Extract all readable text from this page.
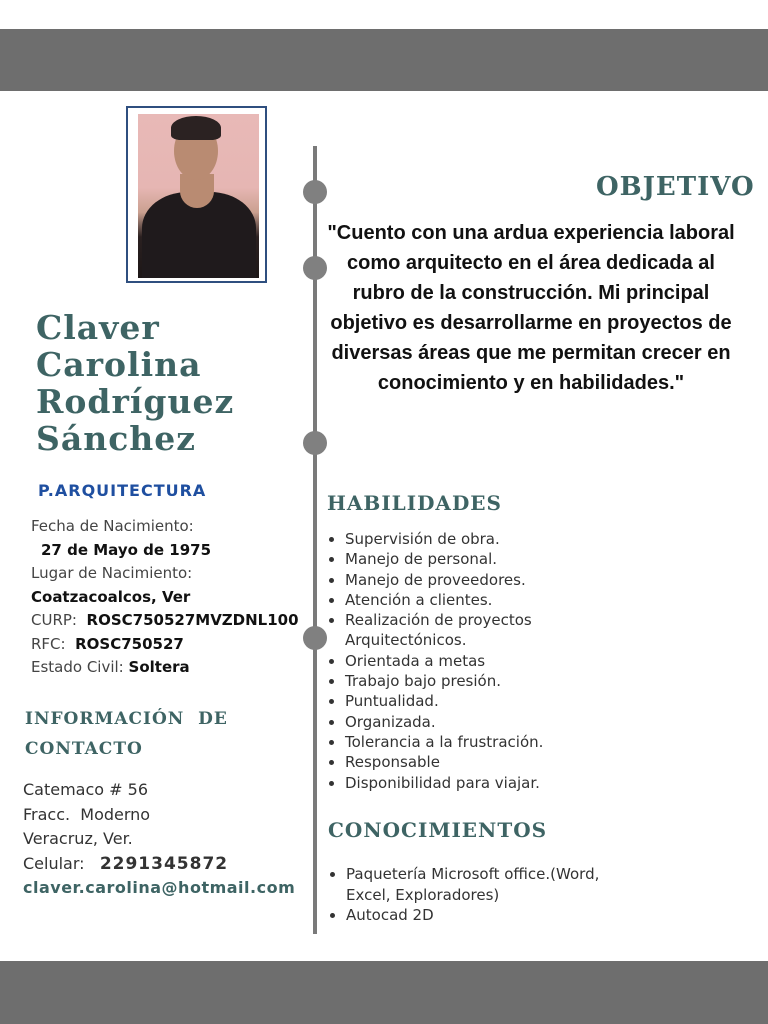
Claver
Carolina
Rodríguez
Sánchez
P.ARQUITECTURA
Fecha de Nacimiento:
27 de Mayo de 1975
Lugar de Nacimiento:
Coatzacoalcos, Ver
CURP: ROSC750527MVZDNL100
RFC: ROSC750527
Estado Civil: Soltera
INFORMACIÓN  DE
CONTACTO
Catemaco # 56
Fracc.  Moderno
Veracruz, Ver.
Celular: 2291345872
claver.carolina@hotmail.com
OBJETIVO

"Cuento con una ardua experiencia laboral como arquitecto en el área dedicada al rubro de la construcción. Mi principal objetivo es desarrollarme en proyectos de diversas áreas que me permitan crecer en conocimiento y en habilidades."

HABILIDADES
• Supervisión de obra.
• Manejo de personal.
• Manejo de proveedores.
• Atención a clientes.
• Realización de proyectos Arquitectónicos.
• Orientada a metas
• Trabajo bajo presión.
• Puntualidad.
• Organizada.
• Tolerancia a la frustración.
• Responsable
• Disponibilidad para viajar.
CONOCIMIENTOS
• Paquetería Microsoft office.(Word, Excel, Exploradores)
• Autocad 2D
